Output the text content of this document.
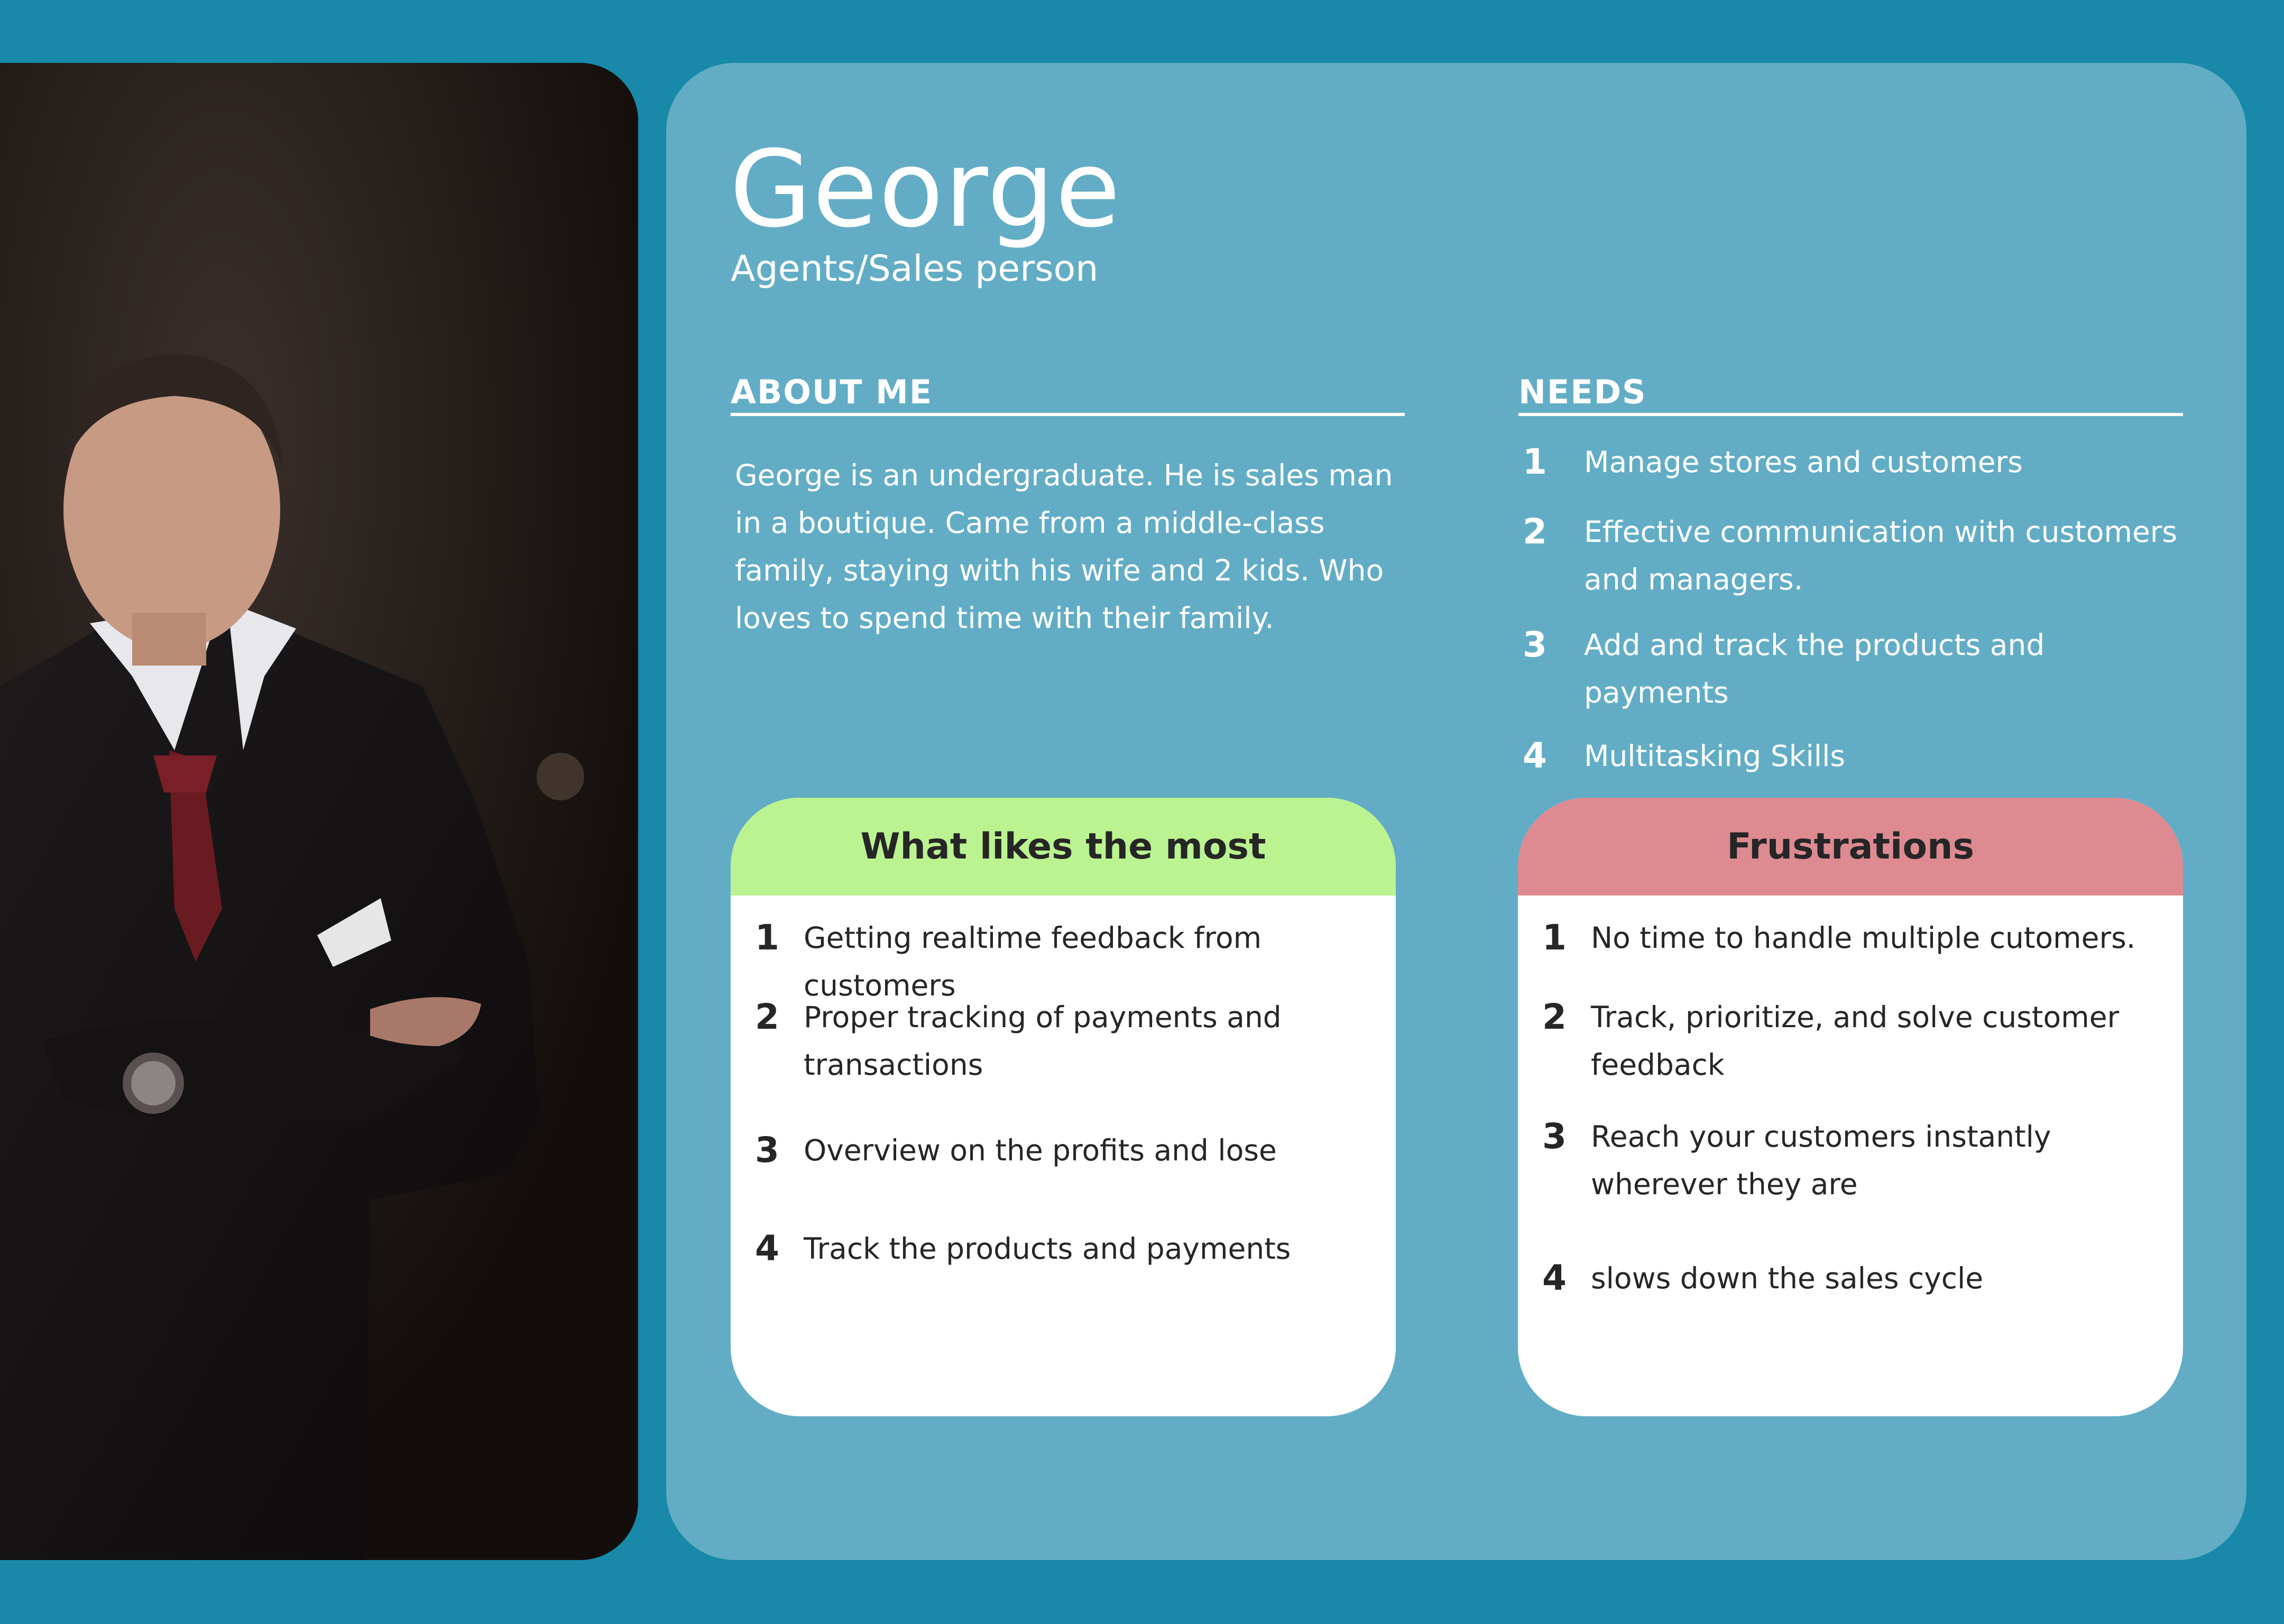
George
Agents/Sales person
ABOUT ME
George is an undergraduate. He is sales man in a boutique. Came from a middle-class family, staying with his wife and 2 kids. Who loves to spend time with their family.
NEEDS
1	Manage stores and customers
2	Effective communication with customers and managers.
3	Add and track the products and payments
4	Multitasking Skills
What likes the most
1 Getting realtime feedback from customers
2 Proper tracking of payments and transactions
3 Overview on the profits and lose
4 Track the products and payments
Frustrations
1 No time to handle multiple cutomers.
2 Track, prioritize, and solve customer feedback
3 Reach your customers instantly wherever they are
4 slows down the sales cycle
